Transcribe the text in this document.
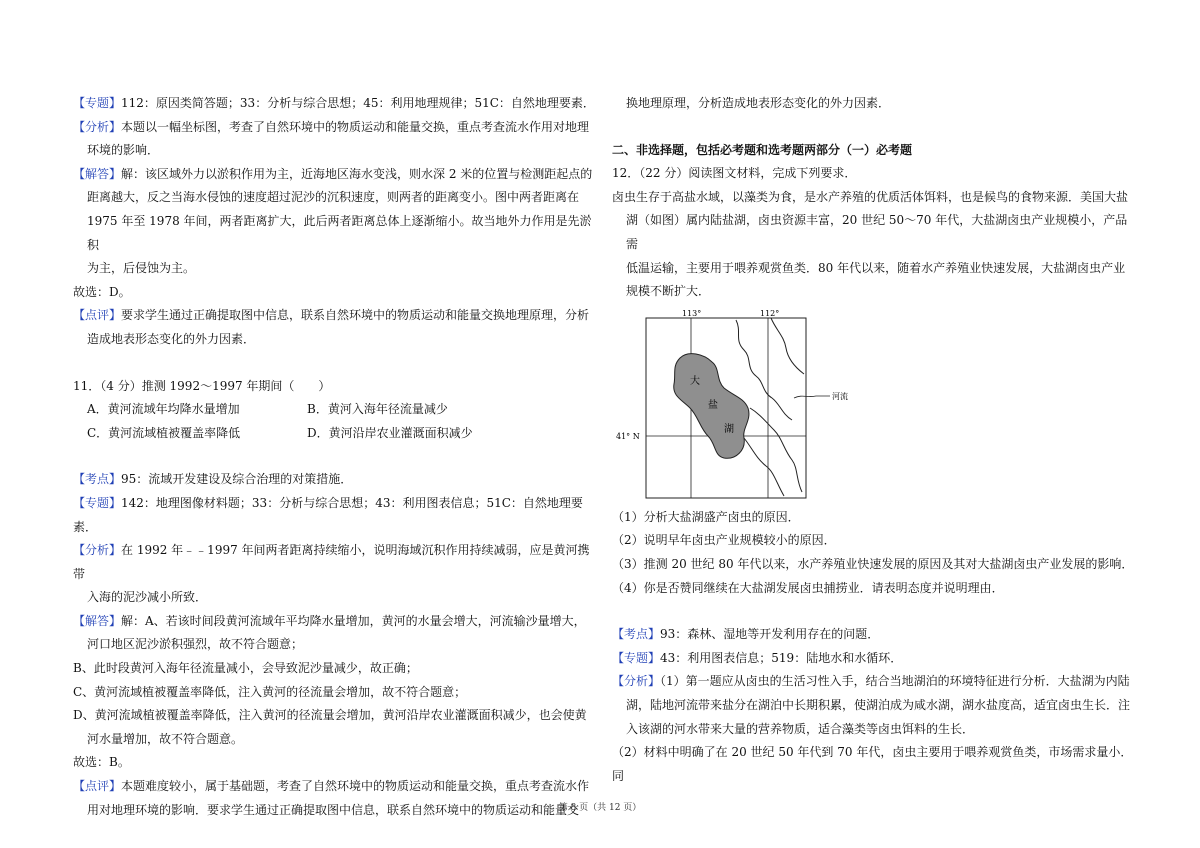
【专题】112：原因类简答题；33：分析与综合思想；45：利用地理规律；51C：自然地理要素．

【分析】本题以一幅坐标图，考查了自然环境中的物质运动和能量交换，重点考查流水作用对地理

环境的影响．

【解答】解：该区域外力以淤积作用为主，近海地区海水变浅，则水深 2 米的位置与检测距起点的

距离越大，反之当海水侵蚀的速度超过泥沙的沉积速度，则两者的距离变小。图中两者距离在

1975 年至 1978 年间，两者距离扩大，此后两者距离总体上逐渐缩小。故当地外力作用是先淤积

为主，后侵蚀为主。

故选：D。

【点评】要求学生通过正确提取图中信息，联系自然环境中的物质运动和能量交换地理原理，分析

造成地表形态变化的外力因素．

11．（4 分）推测 1992～1997 年期间（　　）

A．黄河流域年均降水量增加	B．黄河入海年径流量减少
C．黄河流域植被覆盖率降低	D．黄河沿岸农业灌溉面积减少

【考点】95：流域开发建设及综合治理的对策措施．

【专题】142：地理图像材料题；33：分析与综合思想；43：利用图表信息；51C：自然地理要素．

【分析】在 1992 年﹣﹣1997 年间两者距离持续缩小，说明海域沉积作用持续减弱，应是黄河携带

入海的泥沙减小所致．

【解答】解：A、若该时间段黄河流域年平均降水量增加，黄河的水量会增大，河流输沙量增大，

河口地区泥沙淤积强烈，故不符合题意；

B、此时段黄河入海年径流量减小，会导致泥沙量减少，故正确；

C、黄河流域植被覆盖率降低，注入黄河的径流量会增加，故不符合题意；

D、黄河流域植被覆盖率降低，注入黄河的径流量会增加，黄河沿岸农业灌溉面积减少，也会使黄

河水量增加，故不符合题意。

故选：B。

【点评】本题难度较小，属于基础题，考查了自然环境中的物质运动和能量交换，重点考查流水作

用对地理环境的影响．要求学生通过正确提取图中信息，联系自然环境中的物质运动和能量交

换地理原理，分析造成地表形态变化的外力因素．

二、非选择题，包括必考题和选考题两部分（一）必考题

12．（22 分）阅读图文材料，完成下列要求．

卤虫生存于高盐水域，以藻类为食，是水产养殖的优质活体饵料，也是候鸟的食物来源．美国大盐

湖（如图）属内陆盐湖，卤虫资源丰富，20 世纪 50～70 年代，大盐湖卤虫产业规模小，产品需

低温运输，主要用于喂养观赏鱼类．80 年代以来，随着水产养殖业快速发展，大盐湖卤虫产业

规模不断扩大．

113°	112°
41° N
大
盐
湖
河流

（1）分析大盐湖盛产卤虫的原因．

（2）说明早年卤虫产业规模较小的原因．

（3）推测 20 世纪 80 年代以来，水产养殖业快速发展的原因及其对大盐湖卤虫产业发展的影响．

（4）你是否赞同继续在大盐湖发展卤虫捕捞业．请表明态度并说明理由．

【考点】93：森林、湿地等开发利用存在的问题．

【专题】43：利用图表信息；519：陆地水和水循环．

【分析】（1）第一题应从卤虫的生活习性入手，结合当地湖泊的环境特征进行分析．大盐湖为内陆

湖，陆地河流带来盐分在湖泊中长期积累，使湖泊成为咸水湖，湖水盐度高，适宜卤虫生长．注

入该湖的河水带来大量的营养物质，适合藻类等卤虫饵料的生长．

（2）材料中明确了在 20 世纪 50 年代到 70 年代，卤虫主要用于喂养观赏鱼类，市场需求量小．同

第 8 页（共 12 页）
